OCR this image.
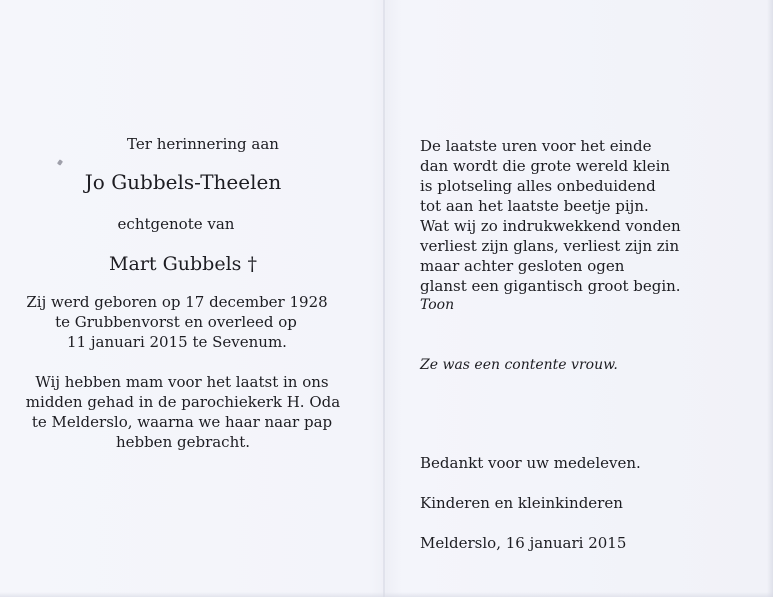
Ter herinnering aan
Jo Gubbels-Theelen
echtgenote van
Mart Gubbels †
Zij werd geboren op 17 december 1928
te Grubbenvorst en overleed op
11 januari 2015 te Sevenum.
Wij hebben mam voor het laatst in ons
midden gehad in de parochiekerk H. Oda
te Melderslo, waarna we haar naar pap
hebben gebracht.
De laatste uren voor het einde
dan wordt die grote wereld klein
is plotseling alles onbeduidend
tot aan het laatste beetje pijn.
Wat wij zo indrukwekkend vonden
verliest zijn glans, verliest zijn zin
maar achter gesloten ogen
glanst een gigantisch groot begin.
Toon
Ze was een contente vrouw.
Bedankt voor uw medeleven.
Kinderen en kleinkinderen
Melderslo, 16 januari 2015
